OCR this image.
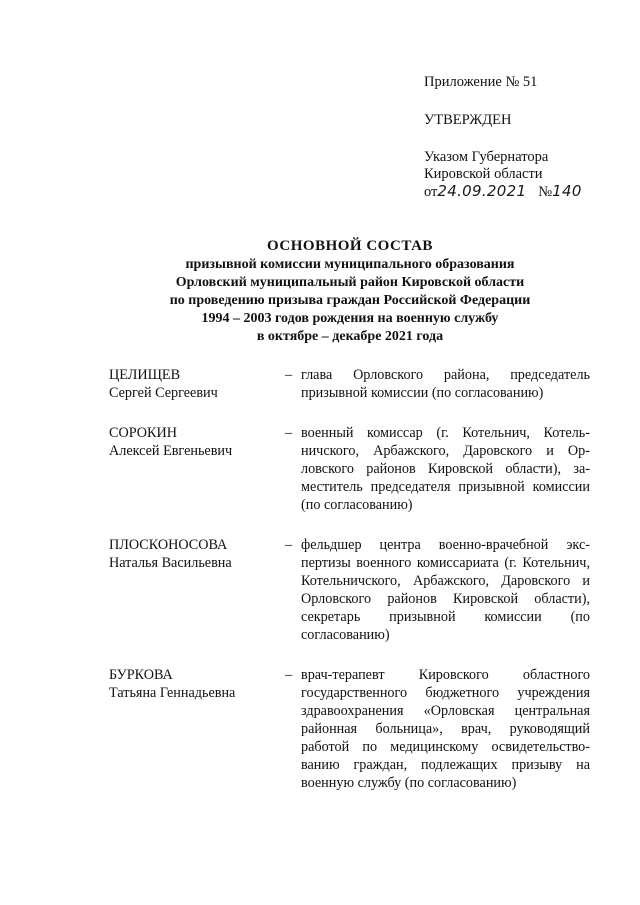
Приложение № 51
УТВЕРЖДЕН
Указом Губернатора
Кировской области
от24.09.2021 №140
ОСНОВНОЙ СОСТАВ
призывной комиссии муниципального образования
Орловский муниципальный район Кировской области
по проведению призыва граждан Российской Федерации
1994 – 2003 годов рождения на военную службу
в октябре – декабре 2021 года
ЦЕЛИЩЕВ
Сергей Сергеевич
– глава Орловского района, председатель призывной комиссии (по согласованию)
СОРОКИН
Алексей Евгеньевич
– военный комиссар (г. Котельнич, Котельничского, Арбажского, Даровского и Орловского районов Кировской области), заместитель председателя призывной комиссии (по согласованию)
ПЛОСКОНОСОВА
Наталья Васильевна
– фельдшер центра военно-врачебной экспертизы военного комиссариата (г. Котельнич, Котельничского, Арбажского, Даровского и Орловского районов Кировской области), секретарь призывной комиссии (по согласованию)
БУРКОВА
Татьяна Геннадьевна
– врач-терапевт Кировского областного государственного бюджетного учреждения здравоохранения «Орловская центральная районная больница», врач, руководящий работой по медицинскому освидетельствованию граждан, подлежащих призыву на военную службу (по согласованию)
